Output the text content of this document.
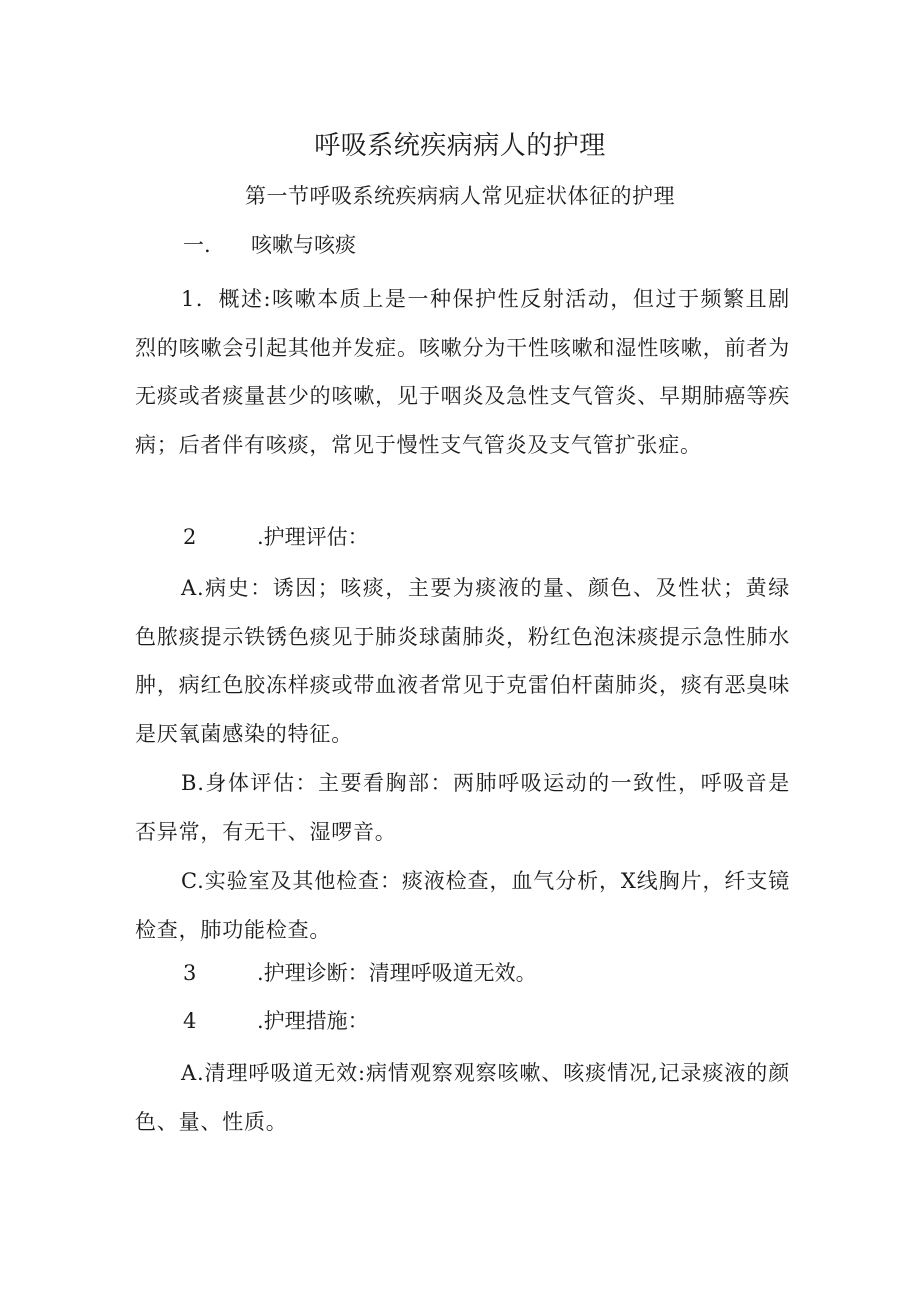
呼吸系统疾病病人的护理
第一节呼吸系统疾病病人常见症状体征的护理
一. 咳嗽与咳痰
1．概述:咳嗽本质上是一种保护性反射活动，但过于频繁且剧烈的咳嗽会引起其他并发症。咳嗽分为干性咳嗽和湿性咳嗽，前者为无痰或者痰量甚少的咳嗽，见于咽炎及急性支气管炎、早期肺癌等疾病；后者伴有咳痰，常见于慢性支气管炎及支气管扩张症。
2	.护理评估：
A.病史：诱因；咳痰，主要为痰液的量、颜色、及性状；黄绿色脓痰提示铁锈色痰见于肺炎球菌肺炎，粉红色泡沫痰提示急性肺水肿，病红色胶冻样痰或带血液者常见于克雷伯杆菌肺炎，痰有恶臭味是厌氧菌感染的特征。
B.身体评估：主要看胸部：两肺呼吸运动的一致性，呼吸音是否异常，有无干、湿啰音。
C.实验室及其他检查：痰液检查，血气分析，X线胸片，纤支镜检查，肺功能检查。
3	.护理诊断：清理呼吸道无效。
4	.护理措施：
A.清理呼吸道无效:病情观察观察咳嗽、咳痰情况,记录痰液的颜色、量、性质。
